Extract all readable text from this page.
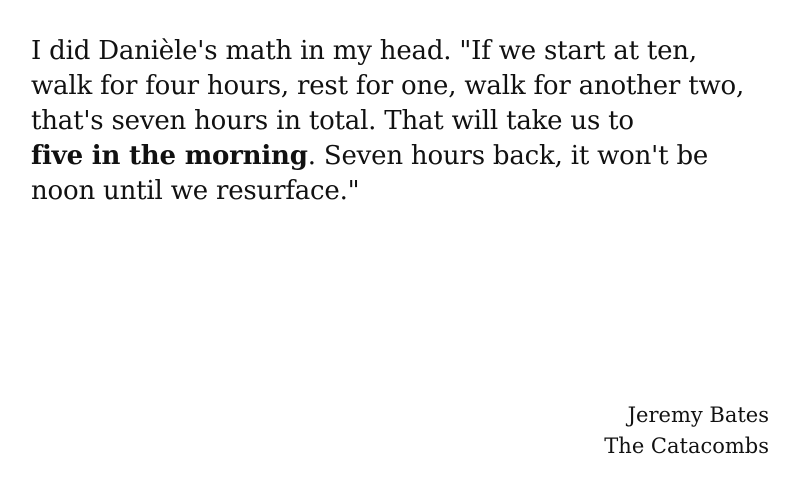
I did Danièle's math in my head. "If we start at ten,
walk for four hours, rest for one, walk for another two,
that's seven hours in total. That will take us to
five in the morning. Seven hours back, it won't be
noon until we resurface."
Jeremy Bates
The Catacombs
